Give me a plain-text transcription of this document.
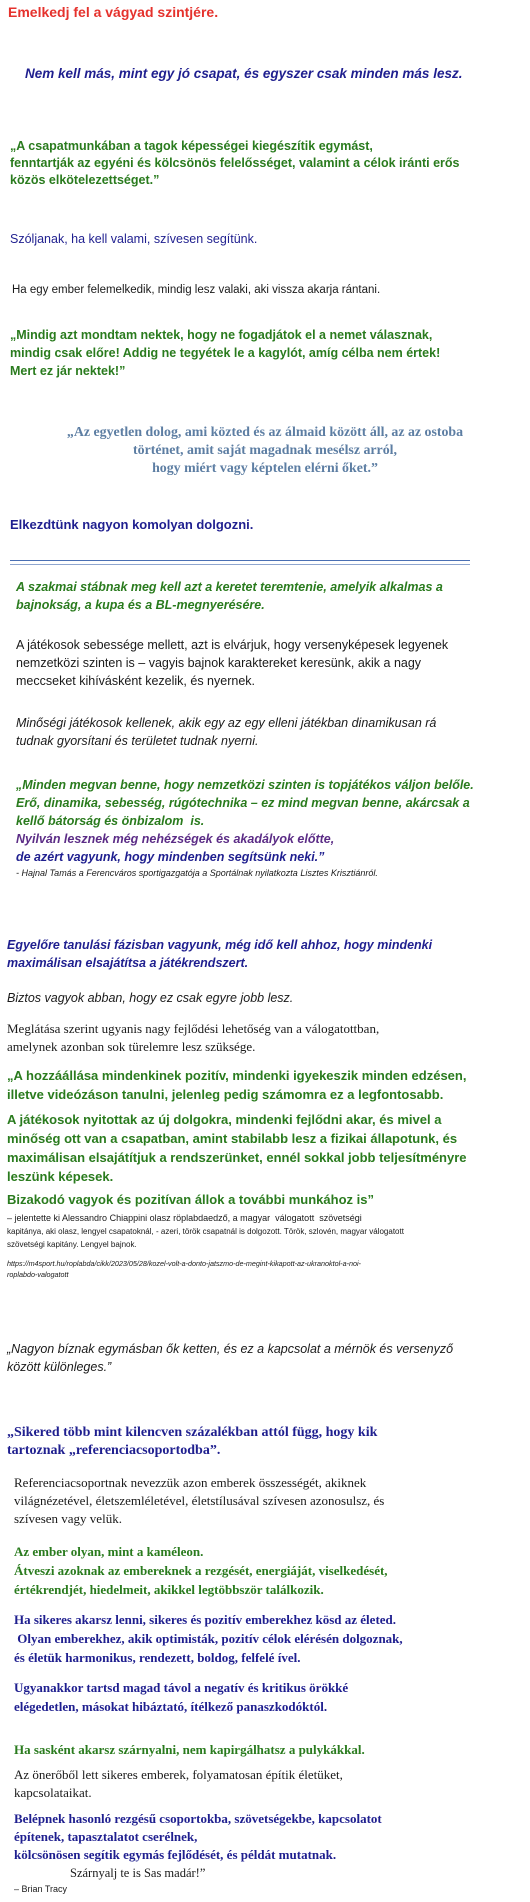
Emelkedj fel a vágyad szintjére.

Nem kell más, mint egy jó csapat, és egyszer csak minden más lesz.

„A csapatmunkában a tagok képességei kiegészítik egymást,

fenntartják az egyéni és kölcsönös felelősséget, valamint a célok iránti erős

közös elkötelezettséget.”

Szóljanak, ha kell valami, szívesen segítünk.

Ha egy ember felemelkedik, mindig lesz valaki, aki vissza akarja rántani.

„Mindig azt mondtam nektek, hogy ne fogadjátok el a nemet válasznak,

mindig csak előre! Addig ne tegyétek le a kagylót, amíg célba nem értek!

Mert ez jár nektek!”

„Az egyetlen dolog, ami közted és az álmaid között áll, az az ostoba

történet, amit saját magadnak mesélsz arról,

hogy miért vagy képtelen elérni őket.”

Elkezdtünk nagyon komolyan dolgozni.

A szakmai stábnak meg kell azt a keretet teremtenie, amelyik alkalmas a

bajnokság, a kupa és a BL-megnyerésére.

A játékosok sebessége mellett, azt is elvárjuk, hogy versenyképesek legyenek

nemzetközi szinten is – vagyis bajnok karaktereket keresünk, akik a nagy

meccseket kihívásként kezelik, és nyernek.

Minőségi játékosok kellenek, akik egy az egy elleni játékban dinamikusan rá

tudnak gyorsítani és területet tudnak nyerni.

„Minden megvan benne, hogy nemzetközi szinten is topjátékos váljon belőle.

Erő, dinamika, sebesség, rúgótechnika – ez mind megvan benne, akárcsak a

kellő bátorság és önbizalom  is.

Nyilván lesznek még nehézségek és akadályok előtte,

de azért vagyunk, hogy mindenben segítsünk neki.”

- Hajnal Tamás a Ferencváros sportigazgatója a Sportálnak nyilatkozta Lisztes Krisztiánról.

Egyelőre tanulási fázisban vagyunk, még idő kell ahhoz, hogy mindenki

maximálisan elsajátítsa a játékrendszert.

Biztos vagyok abban, hogy ez csak egyre jobb lesz.

Meglátása szerint ugyanis nagy fejlődési lehetőség van a válogatottban,

amelynek azonban sok türelemre lesz szüksége.

„A hozzáállása mindenkinek pozitív, mindenki igyekeszik minden edzésen,

illetve videózáson tanulni, jelenleg pedig számomra ez a legfontosabb.

A játékosok nyitottak az új dolgokra, mindenki fejlődni akar, és mivel a

minőség ott van a csapatban, amint stabilabb lesz a fizikai állapotunk, és

maximálisan elsajátítjuk a rendszerünket, ennél sokkal jobb teljesítményre

leszünk képesek.

Bizakodó vagyok és pozitívan állok a további munkához is”

– jelentette ki Alessandro Chiappini olasz röplabdaedző, a magyar  válogatott  szövetségi

kapitánya, aki olasz, lengyel csapatoknál, - azeri, török csapatnál is dolgozott. Török, szlovén, magyar válogatott

szövetségi kapitány. Lengyel bajnok.

https://m4sport.hu/roplabda/cikk/2023/05/28/kozel-volt-a-donto-jatszmo-de-megint-kikapott-az-ukranoktol-a-noi-

roplabdo-valogatott

„Nagyon bíznak egymásban ők ketten, és ez a kapcsolat a mérnök és versenyző

között különleges.”

„Sikered több mint kilencven százalékban attól függ, hogy kik

tartoznak „referenciacsoportodba”.

Referenciacsoportnak nevezzük azon emberek összességét, akiknek

világnézetével, életszemléletével, életstílusával szívesen azonosulsz, és

szívesen vagy velük.

Az ember olyan, mint a kaméleon.

Átveszi azoknak az embereknek a rezgését, energiáját, viselkedését,

értékrendjét, hiedelmeit, akikkel legtöbbször találkozik.

Ha sikeres akarsz lenni, sikeres és pozitív emberekhez kösd az életed.

Olyan emberekhez, akik optimisták, pozitív célok elérésén dolgoznak,

és életük harmonikus, rendezett, boldog, felfelé ível.

Ugyanakkor tartsd magad távol a negatív és kritikus örökké

elégedetlen, másokat hibáztató, ítélkező panaszkodóktól.

Ha sasként akarsz szárnyalni, nem kapirgálhatsz a pulykákkal.

Az önerőből lett sikeres emberek, folyamatosan építik életüket,

kapcsolataikat.

Belépnek hasonló rezgésű csoportokba, szövetségekbe, kapcsolatot

építenek, tapasztalatot cserélnek,

kölcsönösen segítik egymás fejlődését, és példát mutatnak.

Szárnyalj te is Sas madár!”

– Brian Tracy
